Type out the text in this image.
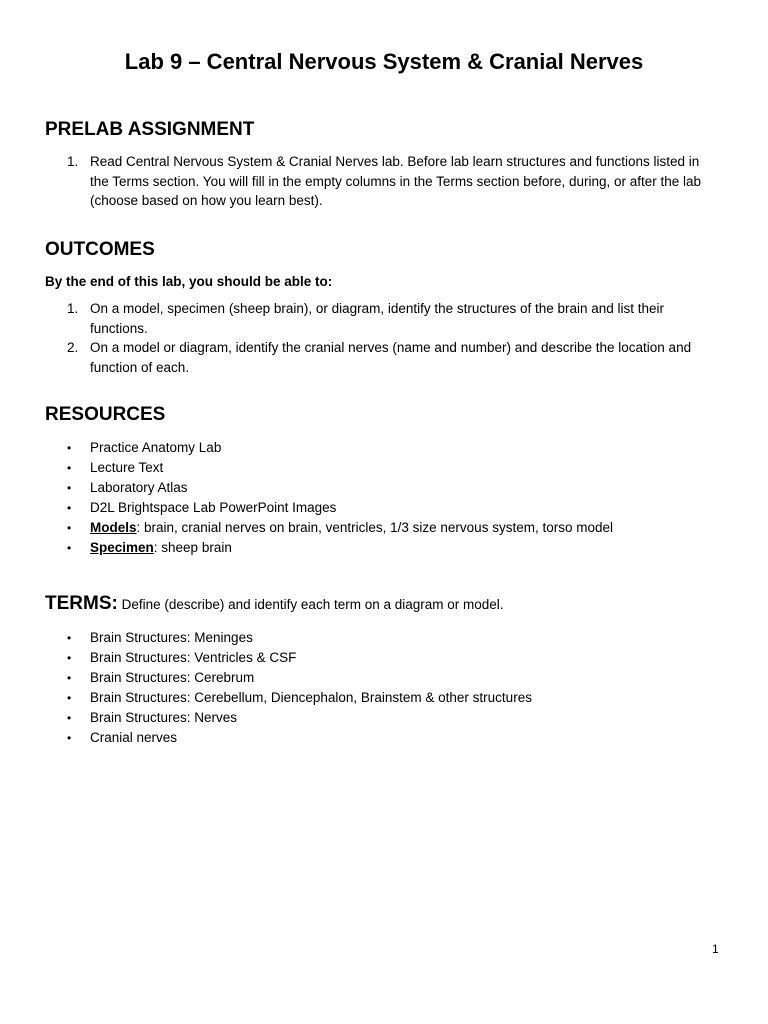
Lab 9 – Central Nervous System & Cranial Nerves
PRELAB ASSIGNMENT
1. Read Central Nervous System & Cranial Nerves lab. Before lab learn structures and functions listed in the Terms section. You will fill in the empty columns in the Terms section before, during, or after the lab (choose based on how you learn best).
OUTCOMES

By the end of this lab, you should be able to:

1. On a model, specimen (sheep brain), or diagram, identify the structures of the brain and list their functions.
2. On a model or diagram, identify the cranial nerves (name and number) and describe the location and function of each.
RESOURCES
• Practice Anatomy Lab
• Lecture Text
• Laboratory Atlas
• D2L Brightspace Lab PowerPoint Images
• Models: brain, cranial nerves on brain, ventricles, 1/3 size nervous system, torso model
• Specimen: sheep brain

TERMS: Define (describe) and identify each term on a diagram or model.

• Brain Structures: Meninges
• Brain Structures: Ventricles & CSF
• Brain Structures: Cerebrum
• Brain Structures: Cerebellum, Diencephalon, Brainstem & other structures
• Brain Structures: Nerves
• Cranial nerves
1
